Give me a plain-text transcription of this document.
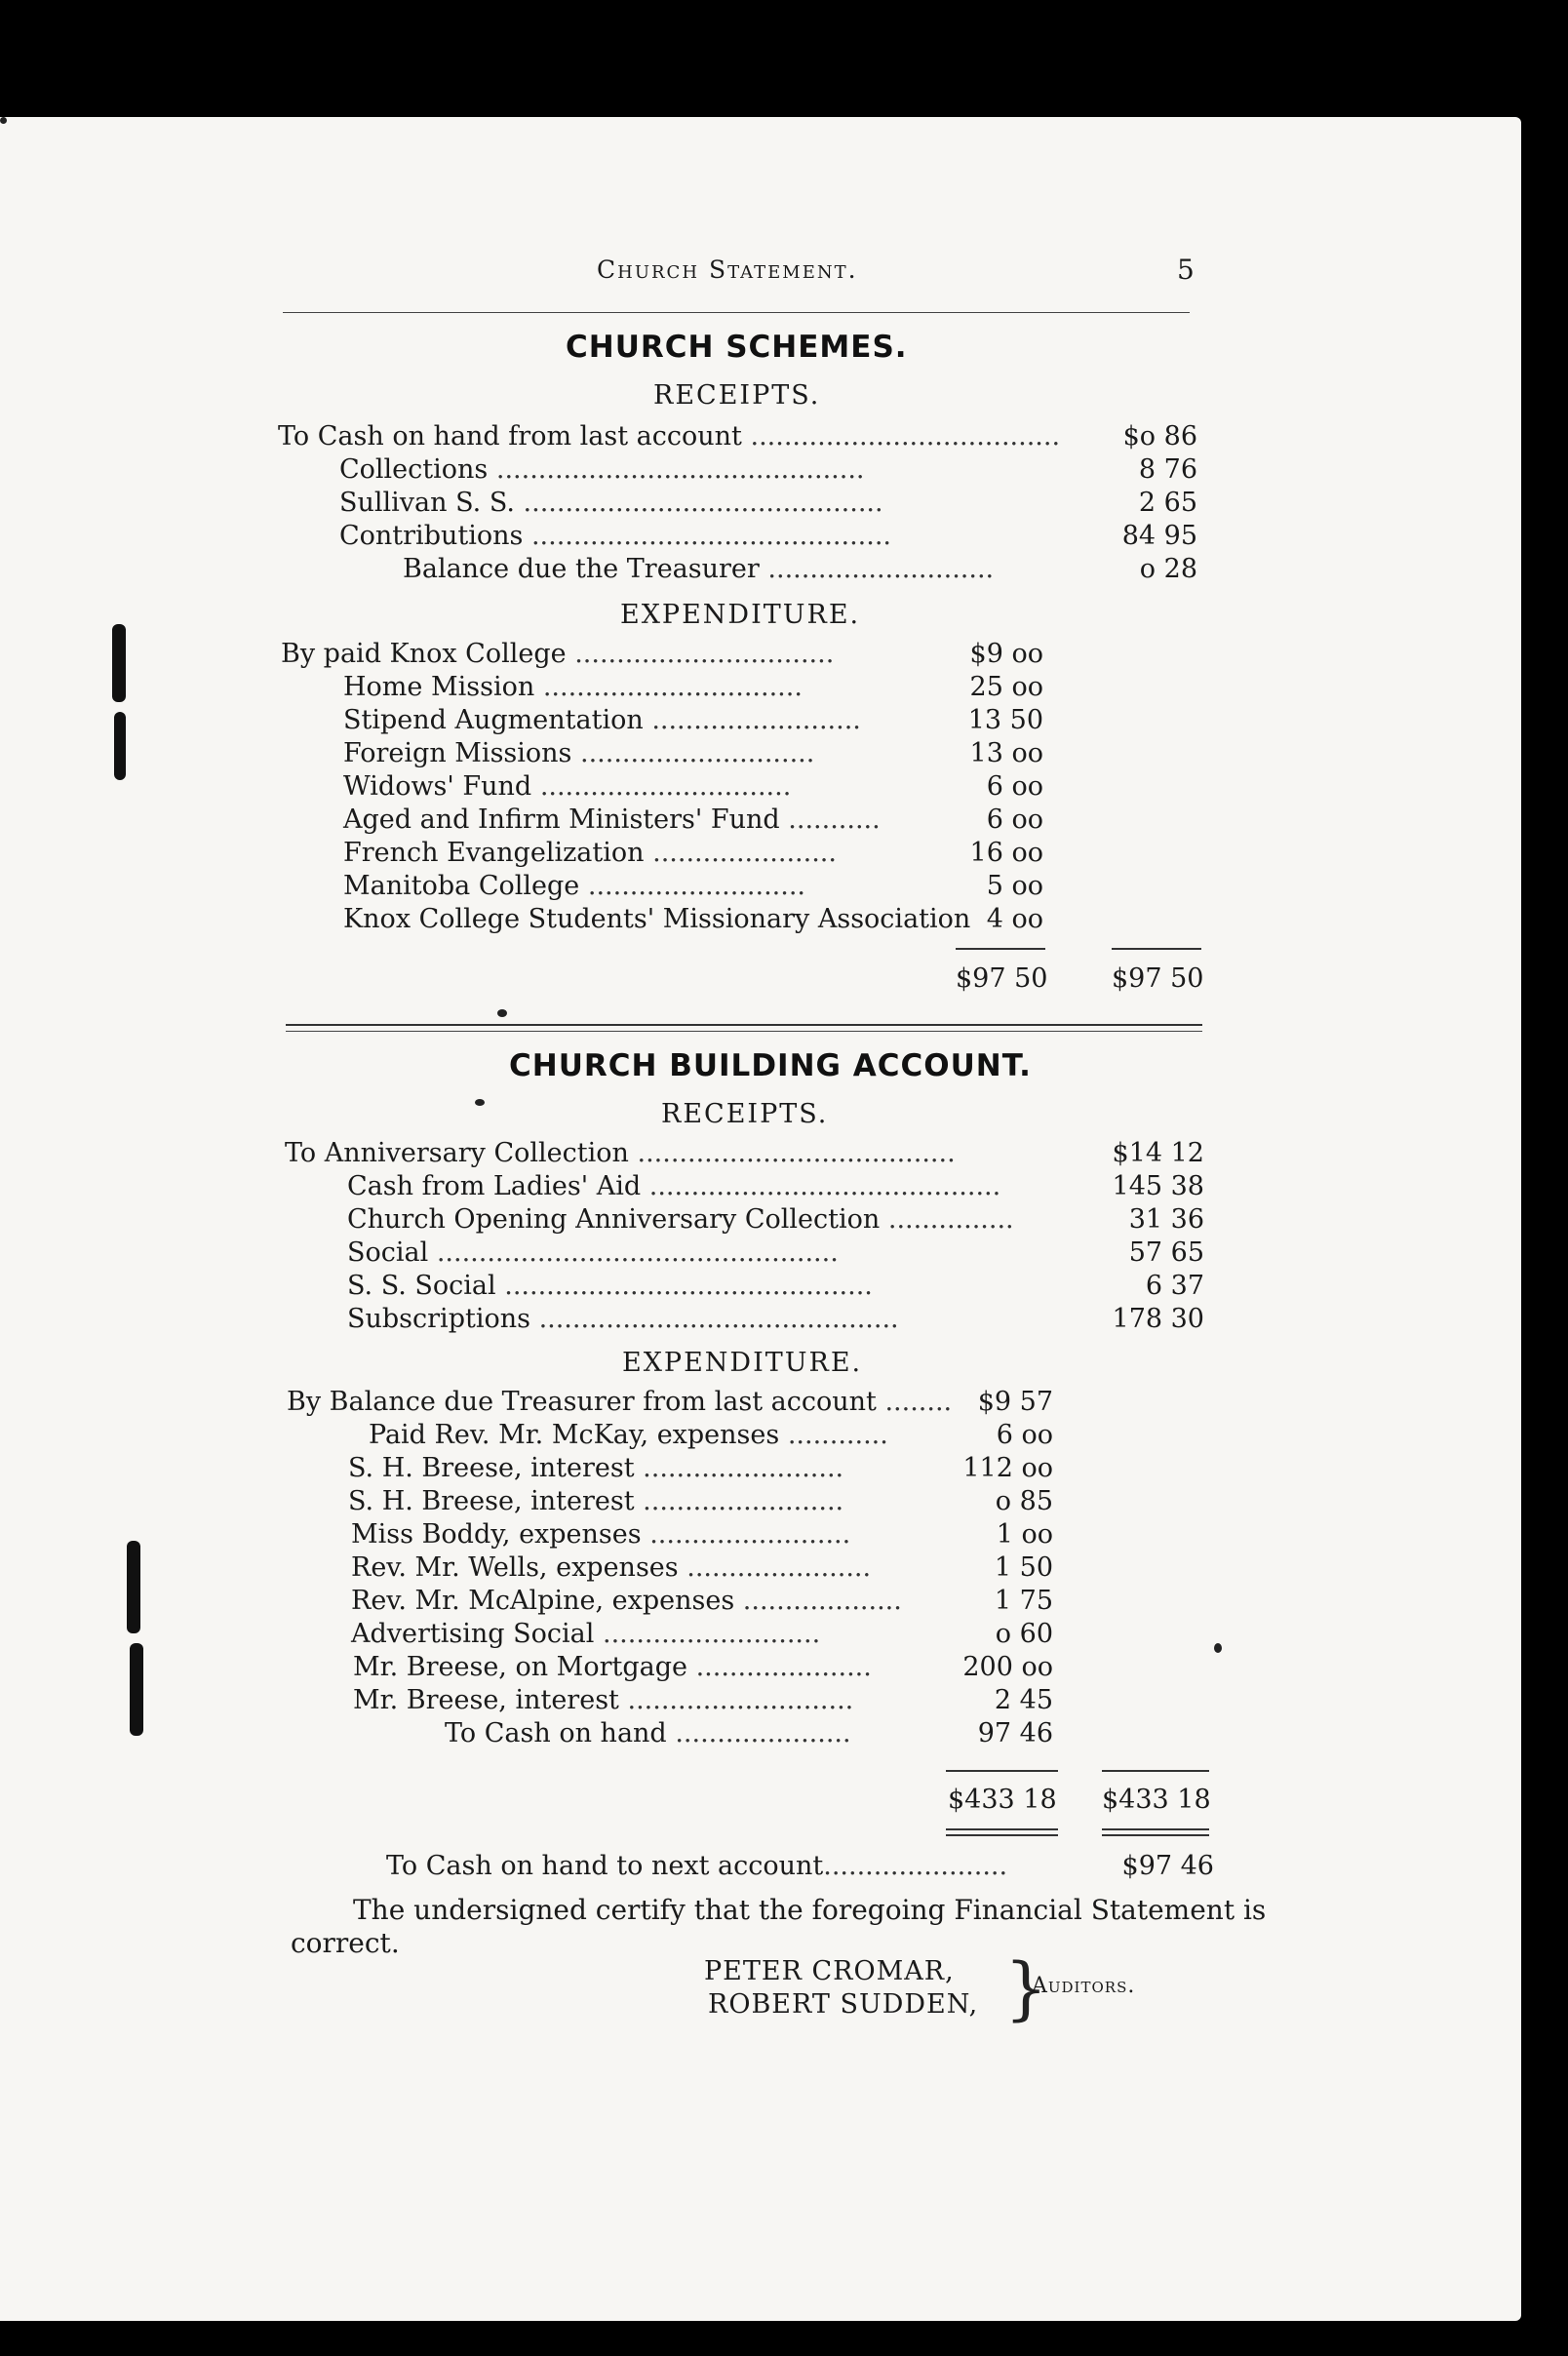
Church Statement.	5
CHURCH SCHEMES.
RECEIPTS.
To Cash on hand from last account .....................................	$o 86
Collections ............................................	8 76
Sullivan S. S. ...........................................	2 65
Contributions ...........................................	84 95
Balance due the Treasurer ...........................	o 28
EXPENDITURE.
By paid Knox College ...............................	$9 oo
Home Mission ...............................	25 oo
Stipend Augmentation .........................	13 50
Foreign Missions ............................	13 oo
Widows' Fund ..............................	6 oo
Aged and Infirm Ministers' Fund ...........	6 oo
French Evangelization ......................	16 oo
Manitoba College ..........................	5 oo
Knox College Students' Missionary Association 4 oo
$97 50 $97 50
CHURCH BUILDING ACCOUNT.
RECEIPTS.
To Anniversary Collection ......................................	$14 12
Cash from Ladies' Aid ..........................................	145 38
Church Opening Anniversary Collection ...............	31 36
Social ................................................	57 65
S. S. Social ............................................	6 37
Subscriptions ...........................................	178 30
EXPENDITURE.
By Balance due Treasurer from last account ........ $9 57
Paid Rev. Mr. McKay, expenses ............	6 oo
S. H. Breese, interest ........................	112 oo
S. H. Breese, interest ........................	o 85
Miss Boddy, expenses ........................	1 oo
Rev. Mr. Wells, expenses ......................	1 50
Rev. Mr. McAlpine, expenses ...................	1 75
Advertising Social ..........................	o 60
Mr. Breese, on Mortgage .....................	200 oo
Mr. Breese, interest ...........................	2 45
To Cash on hand .....................	97 46
$433 18 $433 18
To Cash on hand to next account......................	$97 46
The undersigned certify that the foregoing Financial Statement is
correct.
PETER CROMAR,
ROBERT SUDDEN, }
Auditors.
